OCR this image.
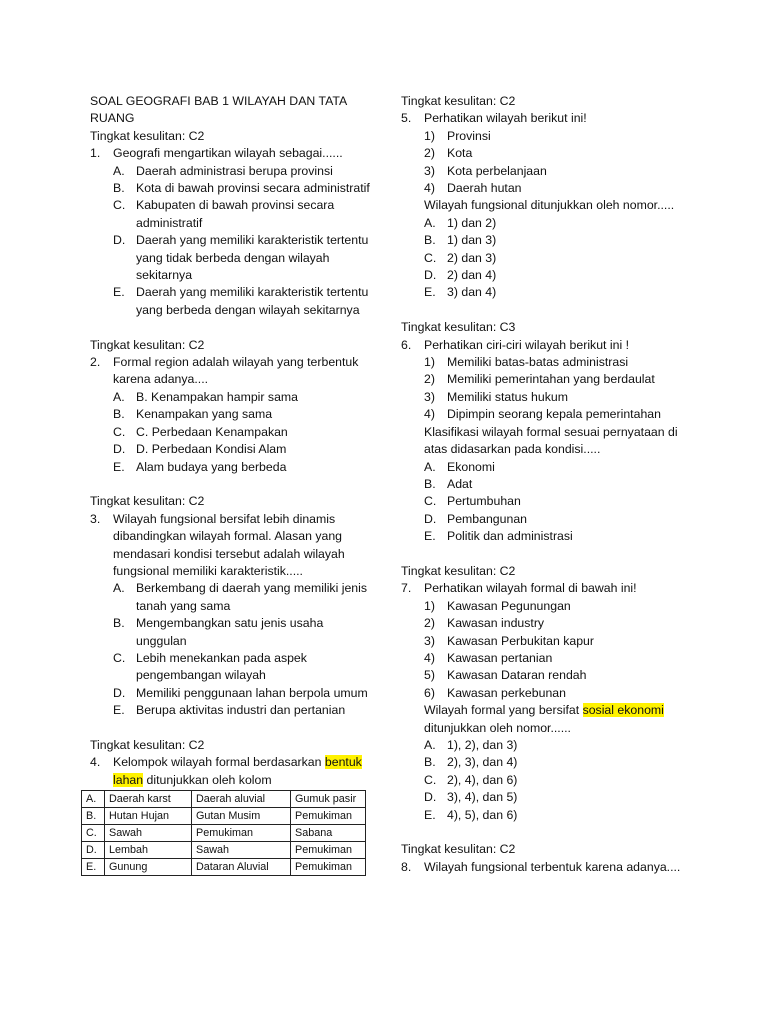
SOAL GEOGRAFI BAB 1 WILAYAH DAN TATA RUANG

Tingkat kesulitan: C2

1.	Geografi mengartikan wilayah sebagai......
A. Daerah administrasi berupa provinsi
B. Kota di bawah provinsi secara administratif
C. Kabupaten di bawah provinsi secara administratif
D. Daerah yang memiliki karakteristik tertentu yang tidak berbeda dengan wilayah sekitarnya
E. Daerah yang memiliki karakteristik tertentu yang berbeda dengan wilayah sekitarnya

Tingkat kesulitan: C2

2.	Formal region adalah wilayah yang terbentuk karena adanya....
A. B. Kenampakan hampir sama
B. Kenampakan yang sama
C. C. Perbedaan Kenampakan
D. D. Perbedaan Kondisi Alam
E. Alam budaya yang berbeda

Tingkat kesulitan: C2

3.	Wilayah fungsional bersifat lebih dinamis dibandingkan wilayah formal. Alasan yang mendasari kondisi tersebut adalah wilayah fungsional memiliki karakteristik.....
A. Berkembang di daerah yang memiliki jenis tanah yang sama
B. Mengembangkan satu jenis usaha unggulan
C. Lebih menekankan pada aspek pengembangan wilayah
D. Memiliki penggunaan lahan berpola umum
E. Berupa aktivitas industri dan pertanian

Tingkat kesulitan: C2

4.	Kelompok wilayah formal berdasarkan bentuk lahan ditunjukkan oleh kolom
A.	Daerah karst	Daerah aluvial	Gumuk pasir
B.	Hutan Hujan	Gutan Musim	Pemukiman
C.	Sawah	Pemukiman	Sabana
D.	Lembah	Sawah	Pemukiman
E.	Gunung	Dataran Aluvial	Pemukiman

Tingkat kesulitan: C2

5.	Perhatikan wilayah berikut ini!
1) Provinsi
2) Kota
3) Kota perbelanjaan
4) Daerah hutan
Wilayah fungsional ditunjukkan oleh nomor.....
A. 1) dan 2)
B. 1) dan 3)
C. 2) dan 3)
D. 2) dan 4)
E. 3) dan 4)

Tingkat kesulitan: C3

6.	Perhatikan ciri-ciri wilayah berikut ini !
1) Memiliki batas-batas administrasi
2) Memiliki pemerintahan yang berdaulat
3) Memiliki status hukum
4) Dipimpin seorang kepala pemerintahan
Klasifikasi wilayah formal sesuai pernyataan di atas didasarkan pada kondisi.....
A. Ekonomi
B. Adat
C. Pertumbuhan
D. Pembangunan
E. Politik dan administrasi

Tingkat kesulitan: C2

7.	Perhatikan wilayah formal di bawah ini!
1) Kawasan Pegunungan
2) Kawasan industry
3) Kawasan Perbukitan kapur
4) Kawasan pertanian
5) Kawasan Dataran rendah
6) Kawasan perkebunan
Wilayah formal yang bersifat sosial ekonomi ditunjukkan oleh nomor......
A. 1), 2), dan 3)
B. 2), 3), dan 4)
C. 2), 4), dan 6)
D. 3), 4), dan 5)
E. 4), 5), dan 6)

Tingkat kesulitan: C2

8.	Wilayah fungsional terbentuk karena adanya....
